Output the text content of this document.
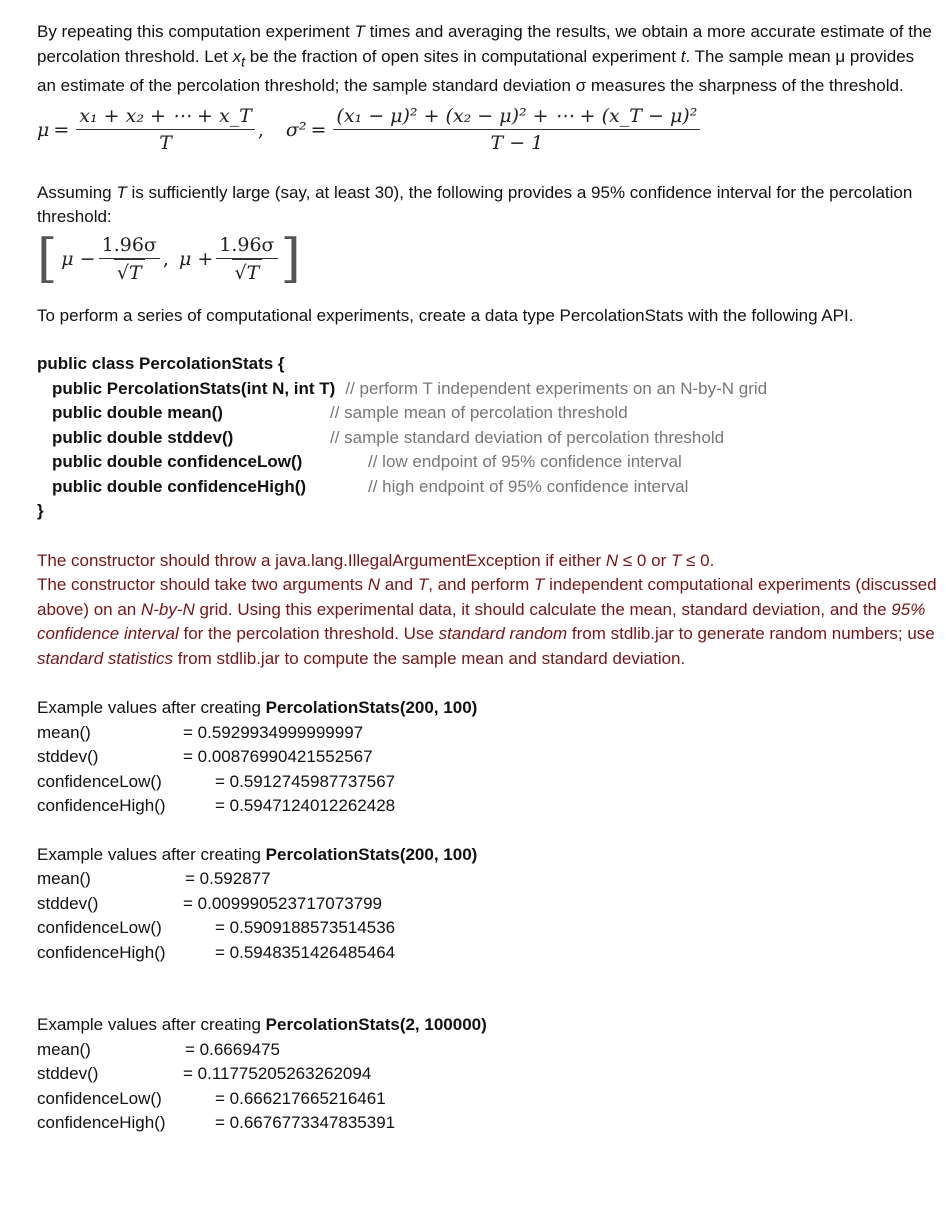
By repeating this computation experiment T times and averaging the results, we obtain a more accurate estimate of the percolation threshold. Let $x_t$ be the fraction of open sites in computational experiment t. The sample mean μ provides an estimate of the percolation threshold; the sample standard deviation σ measures the sharpness of the threshold.

$\mu = \frac{\text{x₁ + x₂ + ⋯ + x\_T}}{T}$ , $\sigma^2 = \frac{\text{(x₁ − μ)² + (x₂ − μ)² + ⋯ + (x\_T − μ)²}}{T - 1}$

Assuming T is sufficiently large (say, at least 30), the following provides a 95% confidence interval for the percolation threshold:

[ $\mu - \frac{1.96\sigma}{√T}$ , $\mu + \frac{1.96\sigma}{√T}$ ]

To perform a series of computational experiments, create a data type PercolationStats with the following API.

public class PercolationStats {
public PercolationStats(int N, int T) // perform T independent experiments on an N-by-N grid
public double mean()	// sample mean of percolation threshold
public double stddev()	// sample standard deviation of percolation threshold
public double confidenceLow()	// low endpoint of 95% confidence interval
public double confidenceHigh()	// high endpoint of 95% confidence interval
}
The constructor should throw a java.lang.IllegalArgumentException if either N ≤ 0 or T ≤ 0.
The constructor should take two arguments N and T, and perform T independent computational experiments (discussed above) on an N-by-N grid. Using this experimental data, it should calculate the mean, standard deviation, and the 95% confidence interval for the percolation threshold. Use standard random from stdlib.jar to generate random numbers; use standard statistics from stdlib.jar to compute the sample mean and standard deviation.
Example values after creating PercolationStats(200, 100)
mean()	= 0.5929934999999997
stddev()	= 0.00876990421552567
confidenceLow()	= 0.5912745987737567
confidenceHigh()	= 0.5947124012262428
Example values after creating PercolationStats(200, 100)
mean()	= 0.592877
stddev()	= 0.009990523717073799
confidenceLow()	= 0.5909188573514536
confidenceHigh()	= 0.5948351426485464
Example values after creating PercolationStats(2, 100000)
mean()	= 0.6669475
stddev()	= 0.11775205263262094
confidenceLow()	= 0.666217665216461
confidenceHigh()	= 0.6676773347835391
